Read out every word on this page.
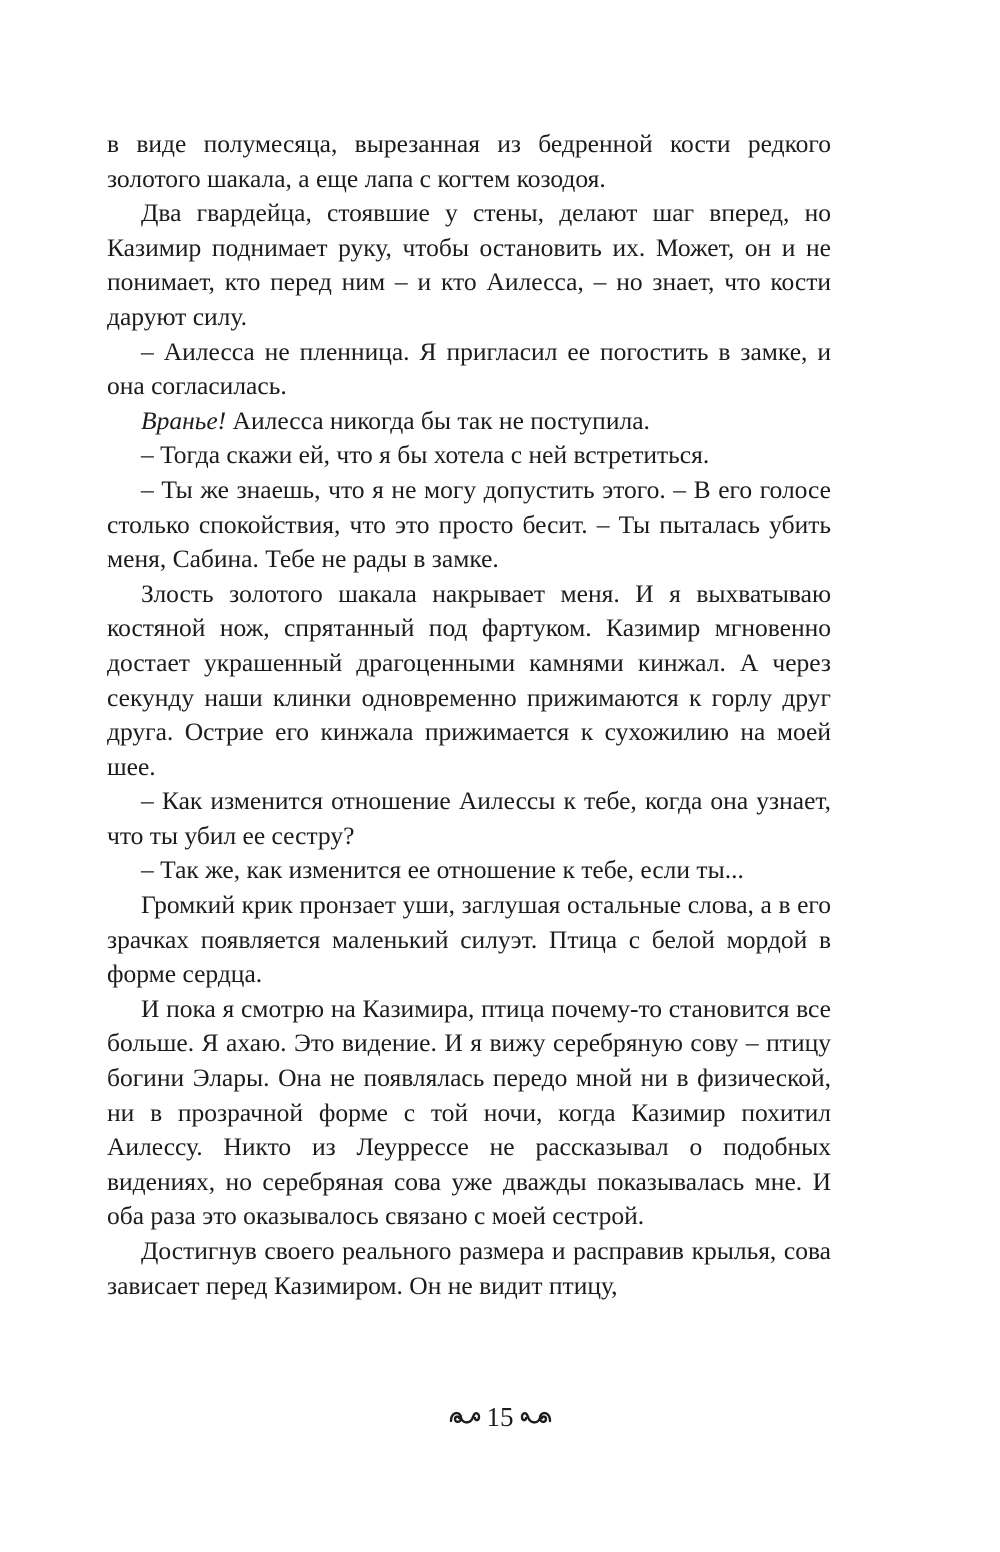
в виде полумесяца, вырезанная из бедренной кости редкого золотого шакала, а еще лапа с когтем козодоя.

Два гвардейца, стоявшие у стены, делают шаг вперед, но Казимир поднимает руку, чтобы остановить их. Может, он и не понимает, кто перед ним – и кто Аилесса, – но знает, что кости даруют силу.

– Аилесса не пленница. Я пригласил ее погостить в замке, и она согласилась.

Вранье! Аилесса никогда бы так не поступила.

– Тогда скажи ей, что я бы хотела с ней встретиться.

– Ты же знаешь, что я не могу допустить этого. – В его голосе столько спокойствия, что это просто бесит. – Ты пыталась убить меня, Сабина. Тебе не рады в замке.

Злость золотого шакала накрывает меня. И я выхватываю костяной нож, спрятанный под фартуком. Казимир мгновенно достает украшенный драгоценными камнями кинжал. А через секунду наши клинки одновременно прижимаются к горлу друг друга. Острие его кинжала прижимается к сухожилию на моей шее.

– Как изменится отношение Аилессы к тебе, когда она узнает, что ты убил ее сестру?

– Так же, как изменится ее отношение к тебе, если ты...

Громкий крик пронзает уши, заглушая остальные слова, а в его зрачках появляется маленький силуэт. Птица с белой мордой в форме сердца.

И пока я смотрю на Казимира, птица почему-то становится все больше. Я ахаю. Это видение. И я вижу серебряную сову – птицу богини Элары. Она не появлялась передо мной ни в физической, ни в прозрачной форме с той ночи, когда Казимир похитил Аилессу. Никто из Леуррессе не рассказывал о подобных видениях, но серебряная сова уже дважды показывалась мне. И оба раза это оказывалось связано с моей сестрой.

Достигнув своего реального размера и расправив крылья, сова зависает перед Казимиром. Он не видит птицу,

15
